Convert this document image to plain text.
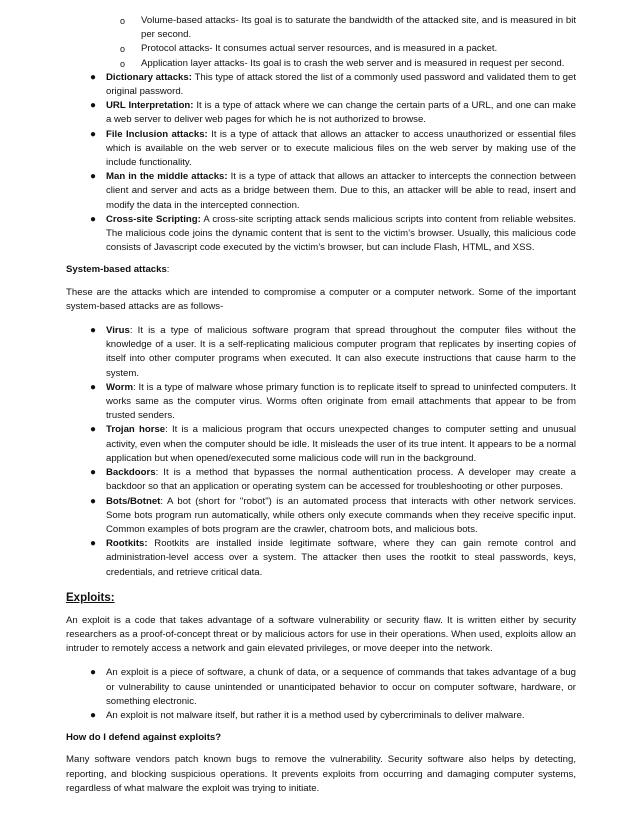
o Volume-based attacks- Its goal is to saturate the bandwidth of the attacked site, and is measured in bit per second.
o Protocol attacks- It consumes actual server resources, and is measured in a packet.
o Application layer attacks- Its goal is to crash the web server and is measured in request per second.
● Dictionary attacks: This type of attack stored the list of a commonly used password and validated them to get original password.
● URL Interpretation: It is a type of attack where we can change the certain parts of a URL, and one can make a web server to deliver web pages for which he is not authorized to browse.
● File Inclusion attacks: It is a type of attack that allows an attacker to access unauthorized or essential files which is available on the web server or to execute malicious files on the web server by making use of the include functionality.
● Man in the middle attacks: It is a type of attack that allows an attacker to intercepts the connection between client and server and acts as a bridge between them. Due to this, an attacker will be able to read, insert and modify the data in the intercepted connection.
● Cross-site Scripting: A cross-site scripting attack sends malicious scripts into content from reliable websites. The malicious code joins the dynamic content that is sent to the victim’s browser. Usually, this malicious code consists of Javascript code executed by the victim’s browser, but can include Flash, HTML, and XSS.

System-based attacks:

These are the attacks which are intended to compromise a computer or a computer network. Some of the important system-based attacks are as follows-

● Virus: It is a type of malicious software program that spread throughout the computer files without the knowledge of a user. It is a self-replicating malicious computer program that replicates by inserting copies of itself into other computer programs when executed. It can also execute instructions that cause harm to the system.
● Worm: It is a type of malware whose primary function is to replicate itself to spread to uninfected computers. It works same as the computer virus. Worms often originate from email attachments that appear to be from trusted senders.
● Trojan horse: It is a malicious program that occurs unexpected changes to computer setting and unusual activity, even when the computer should be idle. It misleads the user of its true intent. It appears to be a normal application but when opened/executed some malicious code will run in the background.
● Backdoors: It is a method that bypasses the normal authentication process. A developer may create a backdoor so that an application or operating system can be accessed for troubleshooting or other purposes.
● Bots/Botnet: A bot (short for "robot") is an automated process that interacts with other network services. Some bots program run automatically, while others only execute commands when they receive specific input. Common examples of bots program are the crawler, chatroom bots, and malicious bots.
● Rootkits: Rootkits are installed inside legitimate software, where they can gain remote control and administration-level access over a system. The attacker then uses the rootkit to steal passwords, keys, credentials, and retrieve critical data.

Exploits:

An exploit is a code that takes advantage of a software vulnerability or security flaw. It is written either by security researchers as a proof-of-concept threat or by malicious actors for use in their operations. When used, exploits allow an intruder to remotely access a network and gain elevated privileges, or move deeper into the network.

● An exploit is a piece of software, a chunk of data, or a sequence of commands that takes advantage of a bug or vulnerability to cause unintended or unanticipated behavior to occur on computer software, hardware, or something electronic.
● An exploit is not malware itself, but rather it is a method used by cybercriminals to deliver malware.

How do I defend against exploits?

Many software vendors patch known bugs to remove the vulnerability. Security software also helps by detecting, reporting, and blocking suspicious operations. It prevents exploits from occurring and damaging computer systems, regardless of what malware the exploit was trying to initiate.
